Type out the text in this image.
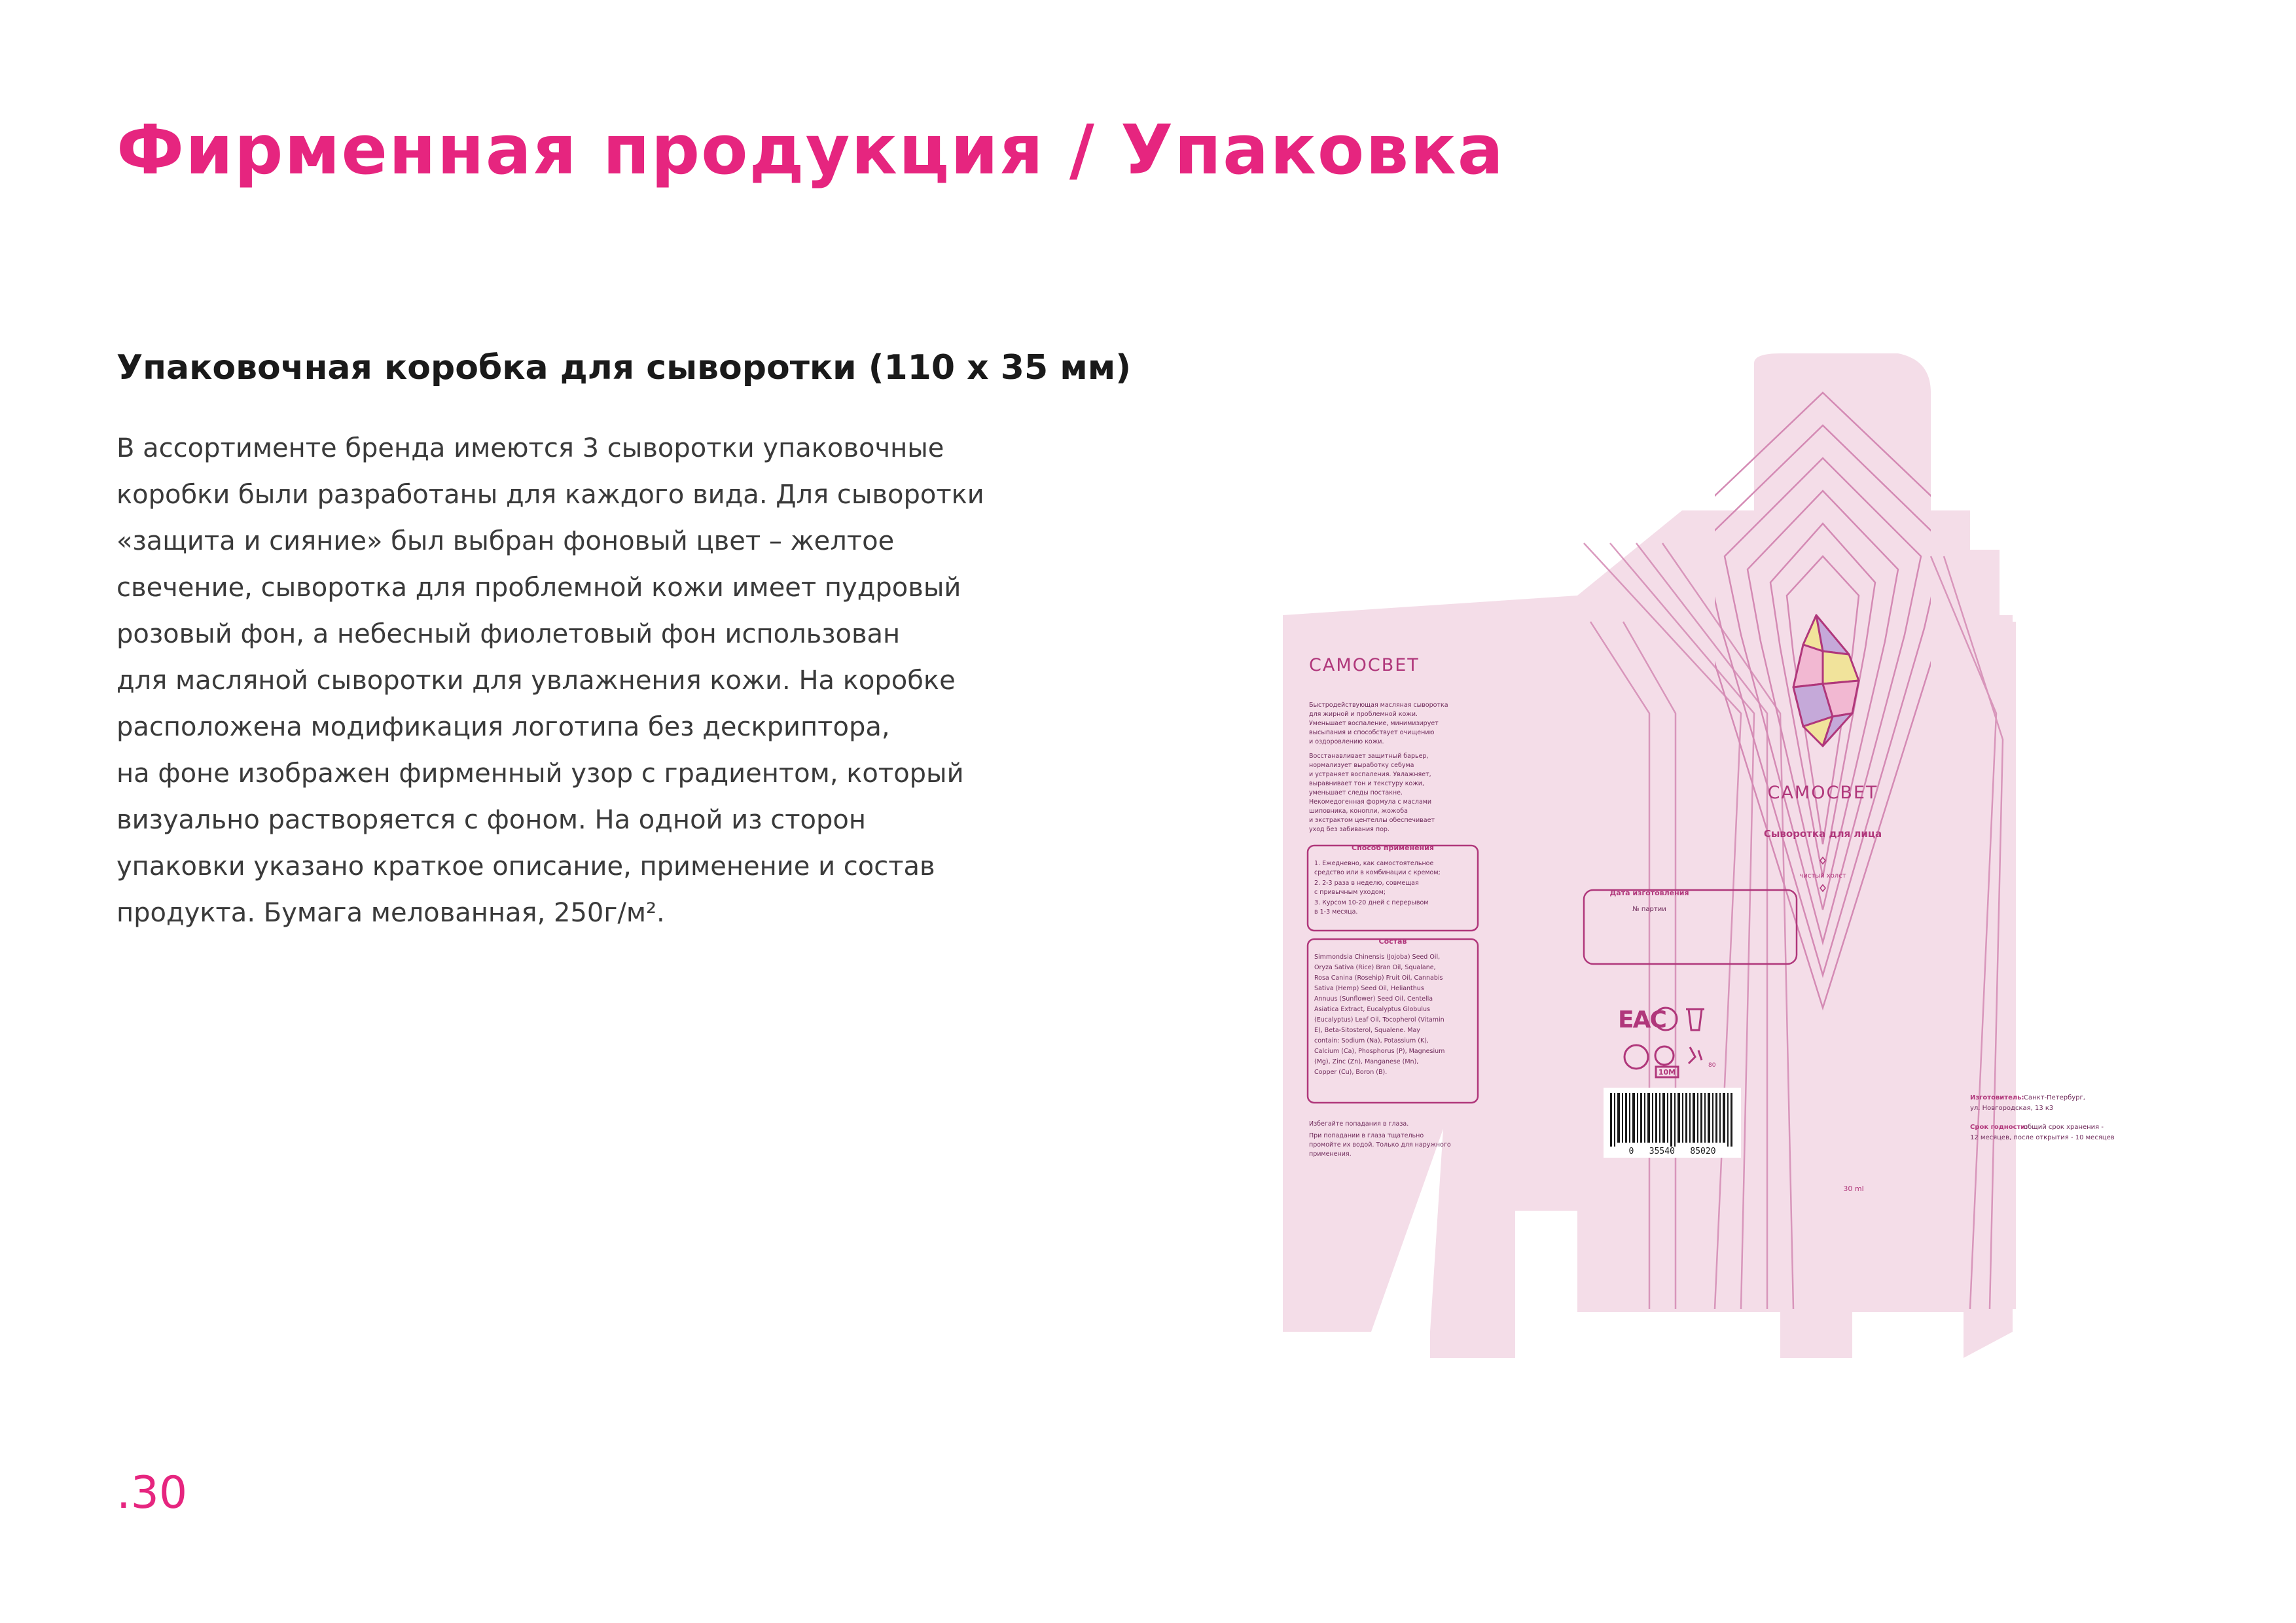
Фирменная продукция / Упаковка
Упаковочная коробка для сыворотки (110 х 35 мм)

В ассортименте бренда имеются 3 сыворотки упаковочные

коробки были разработаны для каждого вида. Для сыворотки

«защита и сияние» был выбран фоновый цвет – желтое

свечение, сыворотка для проблемной кожи имеет пудровый

розовый фон, а небесный фиолетовый фон использован

для масляной сыворотки для увлажнения кожи. На коробке

расположена модификация логотипа без дескриптора,

на фоне изображен фирменный узор с градиентом, который

визуально растворяется с фоном. На одной из сторон

упаковки указано краткое описание, применение и состав

продукта. Бумага мелованная, 250г/м².

.30

САМОСВЕТ
Быстродействующая масляная сыворотка
для жирной и проблемной кожи.
Уменьшает воспаление, минимизирует
высыпания и способствует очищению
и оздоровлению кожи.
Восстанавливает защитный барьер,
нормализует выработку себума
и устраняет воспаления. Увлажняет,
выравнивает тон и текстуру кожи,
уменьшает следы постакне.
Некомедогенная формула с маслами
шиповника, конопли, жожоба
и экстрактом центеллы обеспечивает
уход без забивания пор.
Способ применения
1. Ежедневно, как самостоятельное
средство или в комбинации с кремом;
2. 2-3 раза в неделю, совмещая
с привычным уходом;
3. Курсом 10-20 дней с перерывом
в 1-3 месяца.
Состав
Simmondsia Chinensis (Jojoba) Seed Oil,
Oryza Sativa (Rice) Bran Oil, Squalane,
Rosa Canina (Rosehip) Fruit Oil, Cannabis
Sativa (Hemp) Seed Oil, Helianthus
Annuus (Sunflower) Seed Oil, Centella
Asiatica Extract, Eucalyptus Globulus
(Eucalyptus) Leaf Oil, Tocopherol (Vitamin
E), Beta-Sitosterol, Squalene. May
contain: Sodium (Na), Potassium (K),
Calcium (Ca), Phosphorus (P), Magnesium
(Mg), Zinc (Zn), Manganese (Mn),
Copper (Cu), Boron (B).
Избегайте попадания в глаза.
При попадании в глаза тщательно
промойте их водой. Только для наружного
применения.
Дата изготовления
№ партии
EAC
10M
80
0   35540   85020
САМОСВЕТ
Сыворотка для лица
чистый холст
Изготовитель: Санкт-Петербург,
ул. Новгородская, 13 к3
Срок годности:
общий срок хранения -
12 месяцев, после открытия - 10 месяцев
30 ml
